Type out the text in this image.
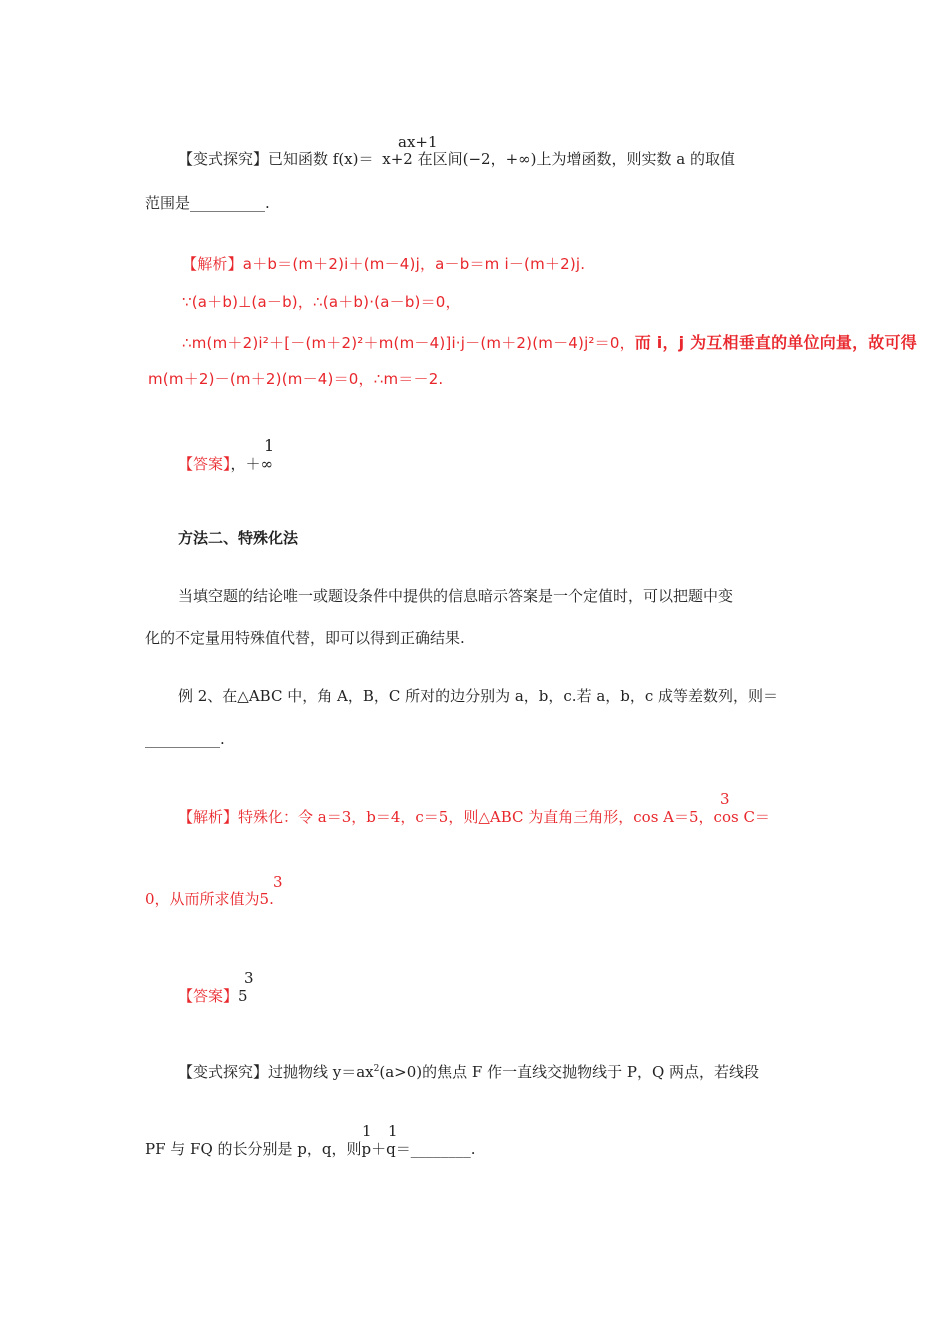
ax+1
【变式探究】已知函数 f(x)＝ x+2 在区间(−2，+∞)上为增函数，则实数 a 的取值
范围是__________.
【解析】a＋b＝(m＋2)i＋(m－4)j，a－b＝m i－(m＋2)j.
∵(a＋b)⊥(a－b)，∴(a＋b)·(a－b)＝0，
∴m(m＋2)i²＋[－(m＋2)²＋m(m－4)]i·j－(m＋2)(m－4)j²＝0，而 i，j 为互相垂直的单位向量，故可得
m(m＋2)－(m＋2)(m－4)＝0，∴m＝－2.
1
【答案】，＋∞
方法二、特殊化法
当填空题的结论唯一或题设条件中提供的信息暗示答案是一个定值时，可以把题中变
化的不定量用特殊值代替，即可以得到正确结果.
例 2、在△ABC 中，角 A，B，C 所对的边分别为 a，b，c.若 a，b，c 成等差数列，则＝
__________.
3
【解析】特殊化：令 a＝3，b＝4，c＝5，则△ABC 为直角三角形，cos A＝5，cos C＝
3
0，从而所求值为5.
3
【答案】5
【变式探究】过抛物线 $y=ax^2(a>0)$的焦点 F 作一直线交抛物线于 P，Q 两点，若线段
1 1
PF 与 FQ 的长分别是 p，q，则p＋q＝________.
